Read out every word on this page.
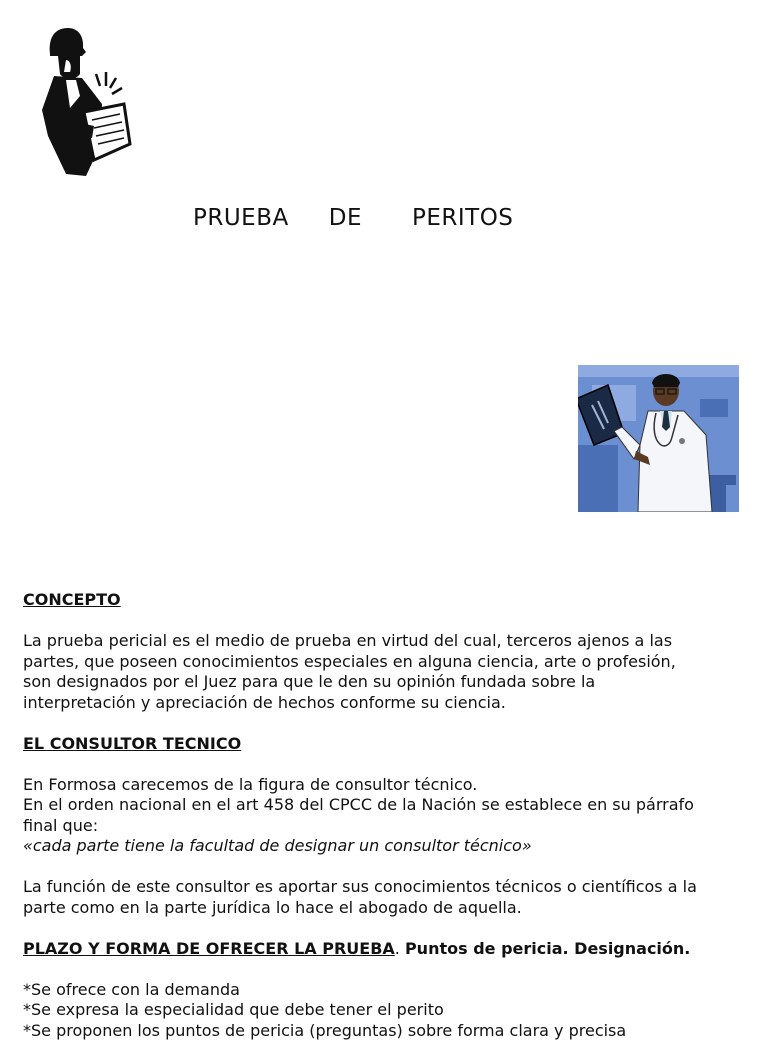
PRUEBA DE PERITOS

CONCEPTO

La prueba pericial es el medio de prueba en virtud del cual, terceros ajenos a las

partes, que poseen conocimientos especiales en alguna ciencia, arte o profesión,

son designados por el Juez para que le den su opinión fundada sobre la

interpretación y apreciación de hechos conforme su ciencia.

EL CONSULTOR TECNICO

En Formosa carecemos de la figura de consultor técnico.

En el orden nacional en el art 458 del CPCC de la Nación se establece en su párrafo

final que:

«cada parte tiene la facultad de designar un consultor técnico»

La función de este consultor es aportar sus conocimientos técnicos o científicos a la

parte como en la parte jurídica lo hace el abogado de aquella.

PLAZO Y FORMA DE OFRECER LA PRUEBA. Puntos de pericia. Designación.

*Se ofrece con la demanda

*Se expresa la especialidad que debe tener el perito

*Se proponen los puntos de pericia (preguntas) sobre forma clara y precisa
